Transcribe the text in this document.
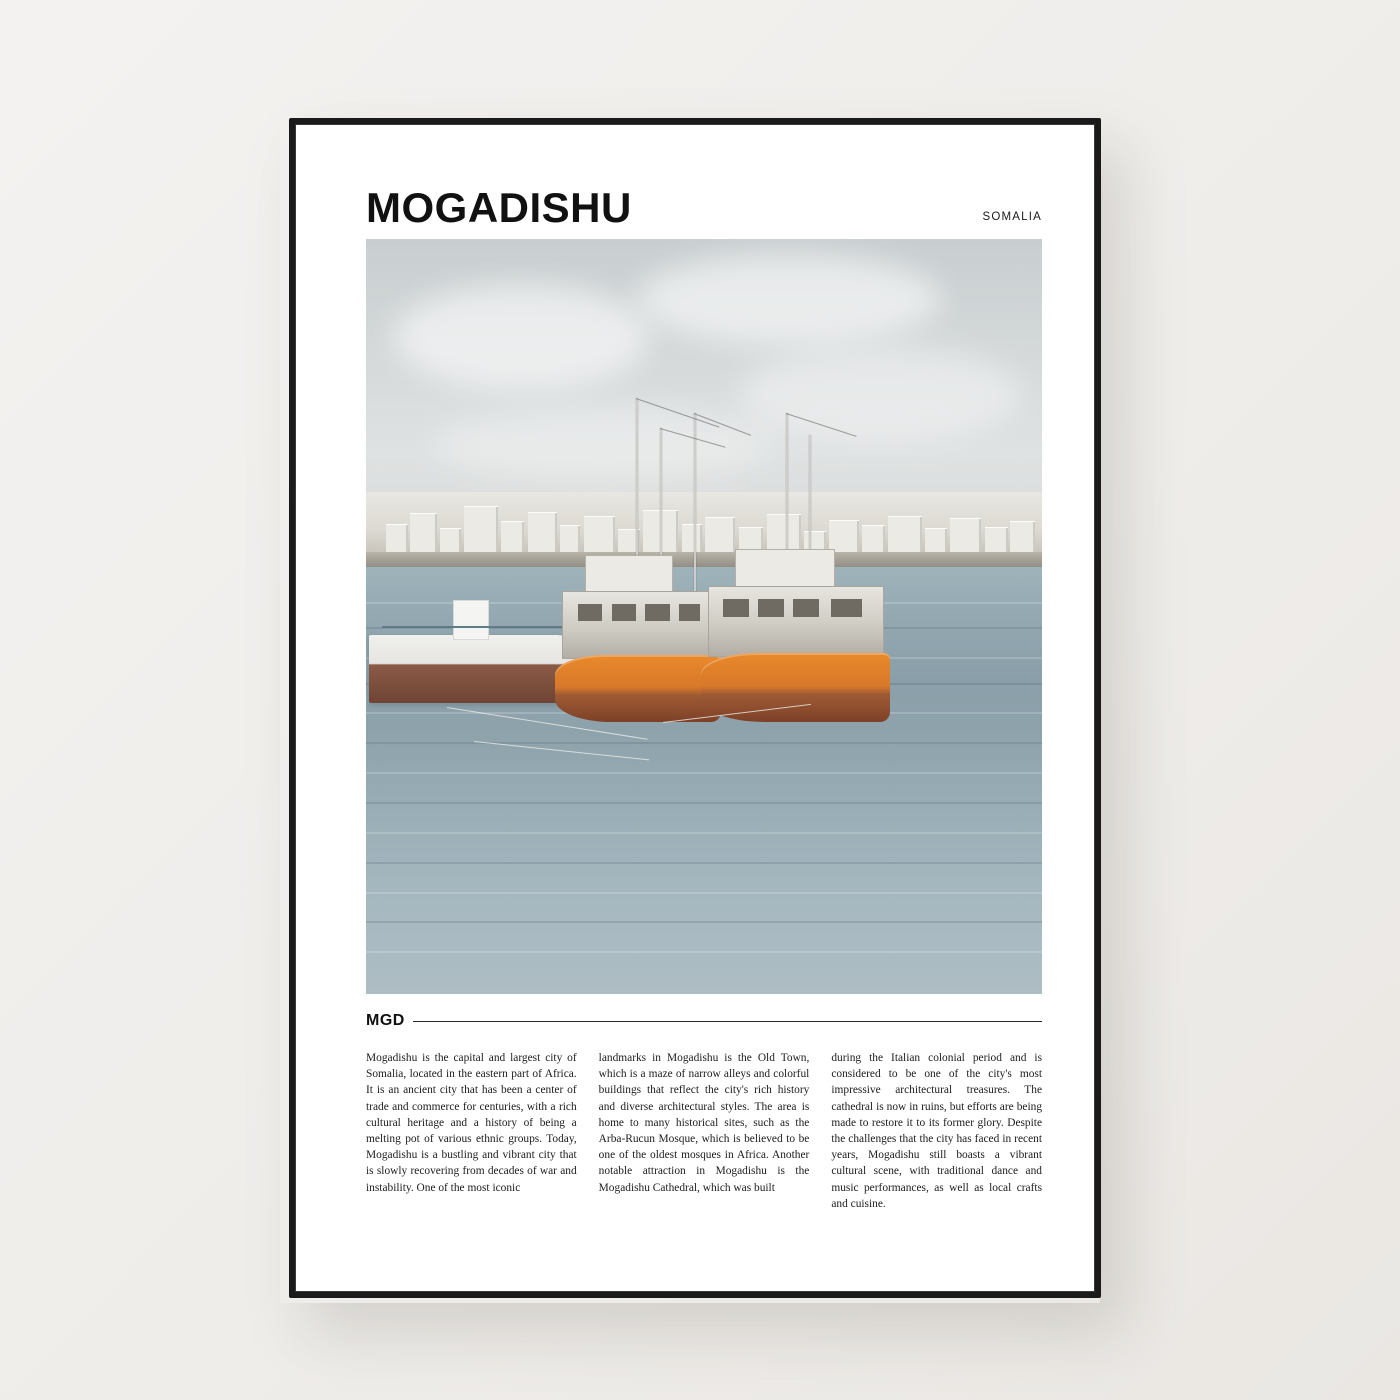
MOGADISHU	SOMALIA
MGD
Mogadishu is the capital and largest city of Somalia, located in the eastern part of Africa. It is an ancient city that has been a center of trade and commerce for centuries, with a rich cultural heritage and a history of being a melting pot of various ethnic groups. Today, Mogadishu is a bustling and vibrant city that is slowly recovering from decades of war and instability. One of the most iconic
landmarks in Mogadishu is the Old Town, which is a maze of narrow alleys and colorful buildings that reflect the city's rich history and diverse architectural styles. The area is home to many historical sites, such as the Arba-Rucun Mosque, which is believed to be one of the oldest mosques in Africa. Another notable attraction in Mogadishu is the Mogadishu Cathedral, which was built
during the Italian colonial period and is considered to be one of the city's most impressive architectural treasures. The cathedral is now in ruins, but efforts are being made to restore it to its former glory. Despite the challenges that the city has faced in recent years, Mogadishu still boasts a vibrant cultural scene, with traditional dance and music performances, as well as local crafts and cuisine.
